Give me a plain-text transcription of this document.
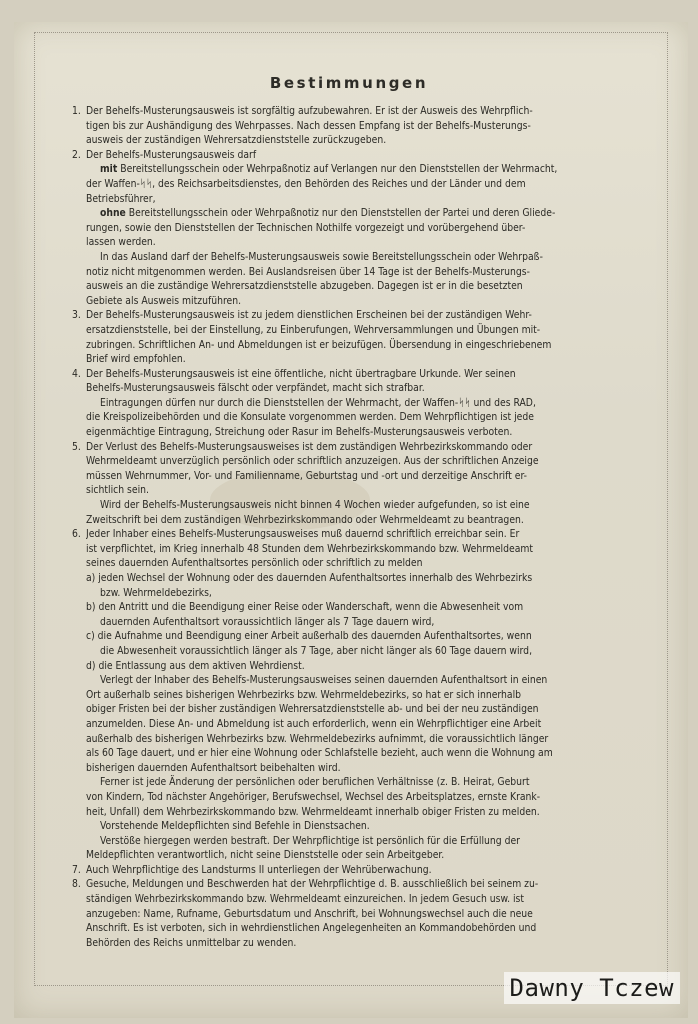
Bestimmungen
1. Der Behelfs-Musterungsausweis ist sorgfältig aufzubewahren. Er ist der Ausweis des Wehrpflich-
tigen bis zur Aushändigung des Wehrpasses. Nach dessen Empfang ist der Behelfs-Musterungs-
ausweis der zuständigen Wehrersatzdienststelle zurückzugeben.
2. Der Behelfs-Musterungsausweis darf
mit Bereitstellungsschein oder Wehrpaßnotiz auf Verlangen nur den Dienststellen der Wehrmacht,
der Waffen-ᛋᛋ, des Reichsarbeitsdienstes, den Behörden des Reiches und der Länder und dem
Betriebsführer,
ohne Bereitstellungsschein oder Wehrpaßnotiz nur den Dienststellen der Partei und deren Gliede-
rungen, sowie den Dienststellen der Technischen Nothilfe vorgezeigt und vorübergehend über-
lassen werden.
In das Ausland darf der Behelfs-Musterungsausweis sowie Bereitstellungsschein oder Wehrpaß-
notiz nicht mitgenommen werden. Bei Auslandsreisen über 14 Tage ist der Behelfs-Musterungs-
ausweis an die zuständige Wehrersatzdienststelle abzugeben. Dagegen ist er in die besetzten
Gebiete als Ausweis mitzuführen.
3. Der Behelfs-Musterungsausweis ist zu jedem dienstlichen Erscheinen bei der zuständigen Wehr-
ersatzdienststelle, bei der Einstellung, zu Einberufungen, Wehrversammlungen und Übungen mit-
zubringen. Schriftlichen An- und Abmeldungen ist er beizufügen. Übersendung in eingeschriebenem
Brief wird empfohlen.
4. Der Behelfs-Musterungsausweis ist eine öffentliche, nicht übertragbare Urkunde. Wer seinen
Behelfs-Musterungsausweis fälscht oder verpfändet, macht sich strafbar.
Eintragungen dürfen nur durch die Dienststellen der Wehrmacht, der Waffen-ᛋᛋ und des RAD,
die Kreispolizeibehörden und die Konsulate vorgenommen werden. Dem Wehrpflichtigen ist jede
eigenmächtige Eintragung, Streichung oder Rasur im Behelfs-Musterungsausweis verboten.
5. Der Verlust des Behelfs-Musterungsausweises ist dem zuständigen Wehrbezirkskommando oder
Wehrmeldeamt unverzüglich persönlich oder schriftlich anzuzeigen. Aus der schriftlichen Anzeige
müssen Wehrnummer, Vor- und Familienname, Geburtstag und -ort und derzeitige Anschrift er-
sichtlich sein.
Wird der Behelfs-Musterungsausweis nicht binnen 4 Wochen wieder aufgefunden, so ist eine
Zweitschrift bei dem zuständigen Wehrbezirkskommando oder Wehrmeldeamt zu beantragen.
6. Jeder Inhaber eines Behelfs-Musterungsausweises muß dauernd schriftlich erreichbar sein. Er
ist verpflichtet, im Krieg innerhalb 48 Stunden dem Wehrbezirkskommando bzw. Wehrmeldeamt
seines dauernden Aufenthaltsortes persönlich oder schriftlich zu melden
a) jeden Wechsel der Wohnung oder des dauernden Aufenthaltsortes innerhalb des Wehrbezirks
bzw. Wehrmeldebezirks,
b) den Antritt und die Beendigung einer Reise oder Wanderschaft, wenn die Abwesenheit vom
dauernden Aufenthaltsort voraussichtlich länger als 7 Tage dauern wird,
c) die Aufnahme und Beendigung einer Arbeit außerhalb des dauernden Aufenthaltsortes, wenn
die Abwesenheit voraussichtlich länger als 7 Tage, aber nicht länger als 60 Tage dauern wird,
d) die Entlassung aus dem aktiven Wehrdienst.
Verlegt der Inhaber des Behelfs-Musterungsausweises seinen dauernden Aufenthaltsort in einen
Ort außerhalb seines bisherigen Wehrbezirks bzw. Wehrmeldebezirks, so hat er sich innerhalb
obiger Fristen bei der bisher zuständigen Wehrersatzdienststelle ab- und bei der neu zuständigen
anzumelden. Diese An- und Abmeldung ist auch erforderlich, wenn ein Wehrpflichtiger eine Arbeit
außerhalb des bisherigen Wehrbezirks bzw. Wehrmeldebezirks aufnimmt, die voraussichtlich länger
als 60 Tage dauert, und er hier eine Wohnung oder Schlafstelle bezieht, auch wenn die Wohnung am
bisherigen dauernden Aufenthaltsort beibehalten wird.
Ferner ist jede Änderung der persönlichen oder beruflichen Verhältnisse (z. B. Heirat, Geburt
von Kindern, Tod nächster Angehöriger, Berufswechsel, Wechsel des Arbeitsplatzes, ernste Krank-
heit, Unfall) dem Wehrbezirkskommando bzw. Wehrmeldeamt innerhalb obiger Fristen zu melden.
Vorstehende Meldepflichten sind Befehle in Dienstsachen.
Verstöße hiergegen werden bestraft. Der Wehrpflichtige ist persönlich für die Erfüllung der
Meldepflichten verantwortlich, nicht seine Dienststelle oder sein Arbeitgeber.
7. Auch Wehrpflichtige des Landsturms II unterliegen der Wehrüberwachung.
8. Gesuche, Meldungen und Beschwerden hat der Wehrpflichtige d. B. ausschließlich bei seinem zu-
ständigen Wehrbezirkskommando bzw. Wehrmeldeamt einzureichen. In jedem Gesuch usw. ist
anzugeben: Name, Rufname, Geburtsdatum und Anschrift, bei Wohnungswechsel auch die neue
Anschrift. Es ist verboten, sich in wehrdienstlichen Angelegenheiten an Kommandobehörden und
Behörden des Reichs unmittelbar zu wenden.
Dawny Tczew
